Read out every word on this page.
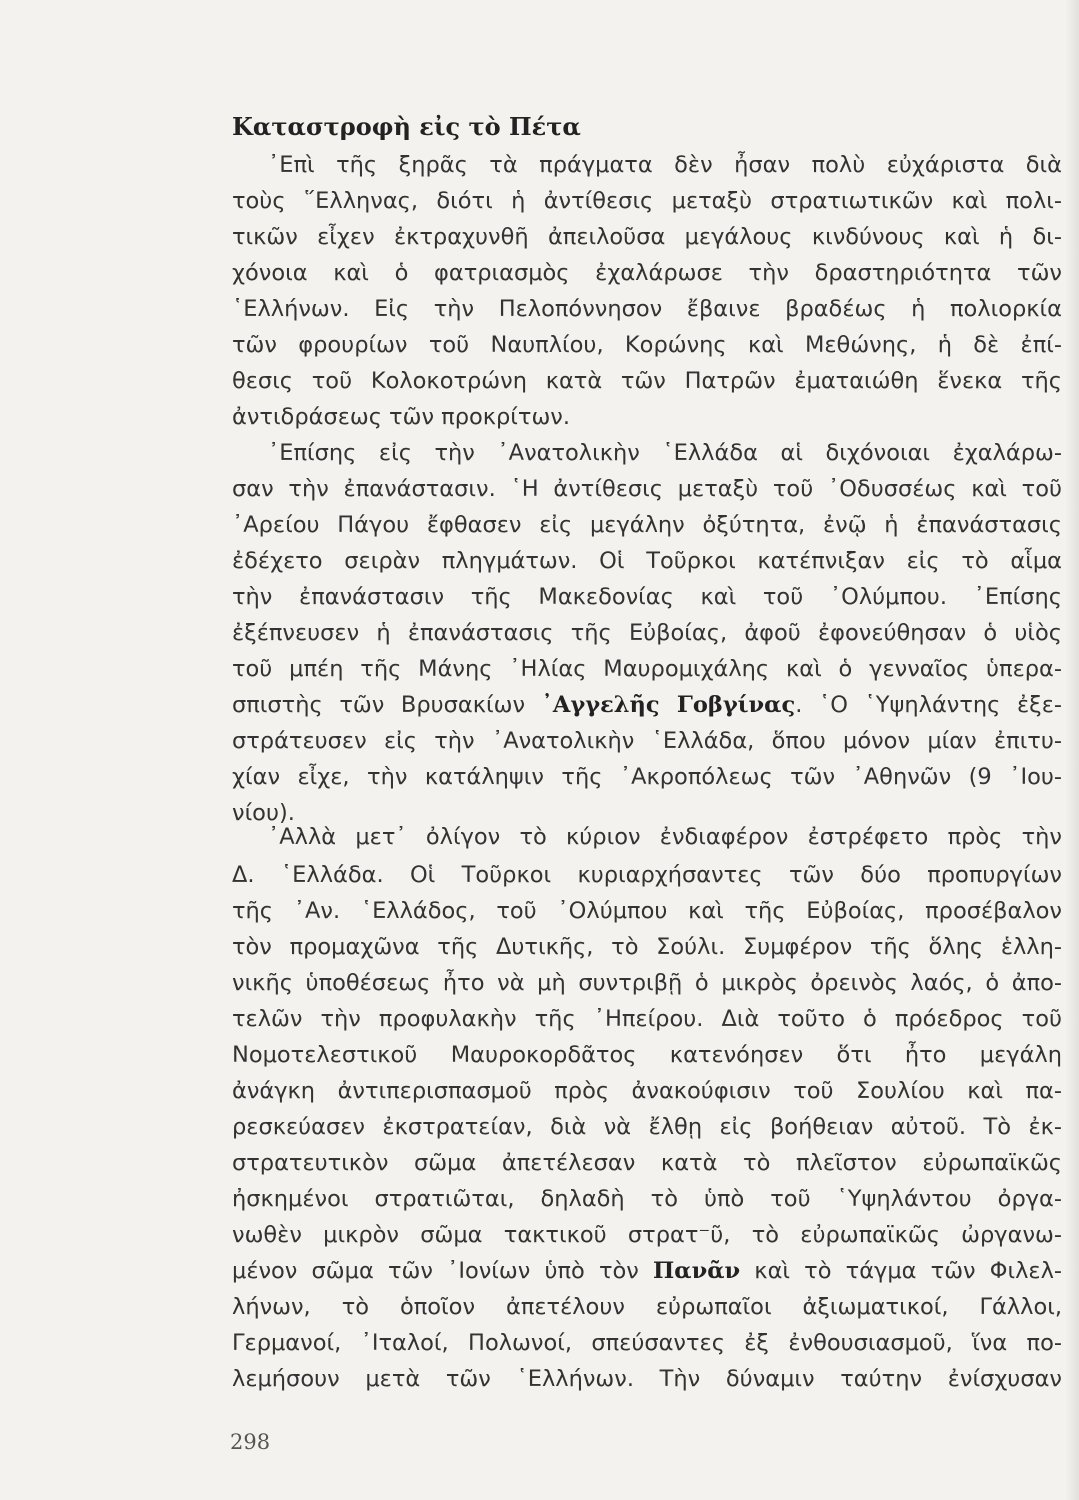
Καταστροφὴ εἰς τὸ Πέτα
᾿Επὶ τῆς ξηρᾶς τὰ πράγματα δὲν ἦσαν πολὺ εὐχάριστα διὰ
τοὺς ῞Ελληνας, διότι ἡ ἀντίθεσις μεταξὺ στρατιωτικῶν καὶ πολι-
τικῶν εἶχεν ἐκτραχυνθῆ ἀπειλοῦσα μεγάλους κινδύνους καὶ ἡ δι-
χόνοια καὶ ὁ φατριασμὸς ἐχαλάρωσε τὴν δραστηριότητα τῶν
῾Ελλήνων. Εἰς τὴν Πελοπόννησον ἔβαινε βραδέως ἡ πολιορκία
τῶν φρουρίων τοῦ Ναυπλίου, Κορώνης καὶ Μεθώνης, ἡ δὲ ἐπί-
θεσις τοῦ Κολοκοτρώνη κατὰ τῶν Πατρῶν ἐματαιώθη ἕνεκα τῆς
ἀντιδράσεως τῶν προκρίτων.
᾿Επίσης εἰς τὴν ᾿Ανατολικὴν ῾Ελλάδα αἱ διχόνοιαι ἐχαλάρω-
σαν τὴν ἐπανάστασιν. ῾Η ἀντίθεσις μεταξὺ τοῦ ᾿Οδυσσέως καὶ τοῦ
᾿Αρείου Πάγου ἔφθασεν εἰς μεγάλην ὀξύτητα, ἐνῷ ἡ ἐπανάστασις
ἐδέχετο σειρὰν πληγμάτων. Οἱ Τοῦρκοι κατέπνιξαν εἰς τὸ αἷμα
τὴν ἐπανάστασιν τῆς Μακεδονίας καὶ τοῦ ᾿Ολύμπου. ᾿Επίσης
ἐξέπνευσεν ἡ ἐπανάστασις τῆς Εὐβοίας, ἀφοῦ ἐφονεύθησαν ὁ υἱὸς
τοῦ μπέη τῆς Μάνης ᾿Ηλίας Μαυρομιχάλης καὶ ὁ γενναῖος ὑπερα-
σπιστὴς τῶν Βρυσακίων ᾿Αγγελῆς Γοβγίνας. ῾Ο ῾Υψηλάντης ἐξε-
στράτευσεν εἰς τὴν ᾿Ανατολικὴν ῾Ελλάδα, ὅπου μόνον μίαν ἐπιτυ-
χίαν εἶχε, τὴν κατάληψιν τῆς ᾿Ακροπόλεως τῶν ᾿Αθηνῶν (9 ᾿Ιου-
νίου).
᾿Αλλὰ μετ᾿ ὀλίγον τὸ κύριον ἐνδιαφέρον ἐστρέφετο πρὸς τὴν
Δ. ῾Ελλάδα. Οἱ Τοῦρκοι κυριαρχήσαντες τῶν δύο προπυργίων
τῆς ᾿Αν. ῾Ελλάδος, τοῦ ᾿Ολύμπου καὶ τῆς Εὐβοίας, προσέβαλον
τὸν προμαχῶνα τῆς Δυτικῆς, τὸ Σούλι. Συμφέρον τῆς ὅλης ἑλλη-
νικῆς ὑποθέσεως ἦτο νὰ μὴ συντριβῇ ὁ μικρὸς ὀρεινὸς λαός, ὁ ἀπο-
τελῶν τὴν προφυλακὴν τῆς ᾿Ηπείρου. Διὰ τοῦτο ὁ πρόεδρος τοῦ
Νομοτελεστικοῦ Μαυροκορδᾶτος κατενόησεν ὅτι ἦτο μεγάλη
ἀνάγκη ἀντιπερισπασμοῦ πρὸς ἀνακούφισιν τοῦ Σουλίου καὶ πα-
ρεσκεύασεν ἐκστρατείαν, διὰ νὰ ἔλθῃ εἰς βοήθειαν αὐτοῦ. Τὸ ἐκ-
στρατευτικὸν σῶμα ἀπετέλεσαν κατὰ τὸ πλεῖστον εὐρωπαϊκῶς
ἠσκημένοι στρατιῶται, δηλαδὴ τὸ ὑπὸ τοῦ ῾Υψηλάντου ὀργα-
νωθὲν μικρὸν σῶμα τακτικοῦ στρατ⁻ῦ, τὸ εὐρωπαϊκῶς ὠργανω-
μένον σῶμα τῶν ᾿Ιονίων ὑπὸ τὸν Πανᾶν καὶ τὸ τάγμα τῶν Φιλελ-
λήνων, τὸ ὁποῖον ἀπετέλουν εὐρωπαῖοι ἀξιωματικοί, Γάλλοι,
Γερμανοί, ᾿Ιταλοί, Πολωνοί, σπεύσαντες ἐξ ἐνθουσιασμοῦ, ἵνα πο-
λεμήσουν μετὰ τῶν ῾Ελλήνων. Τὴν δύναμιν ταύτην ἐνίσχυσαν
298
